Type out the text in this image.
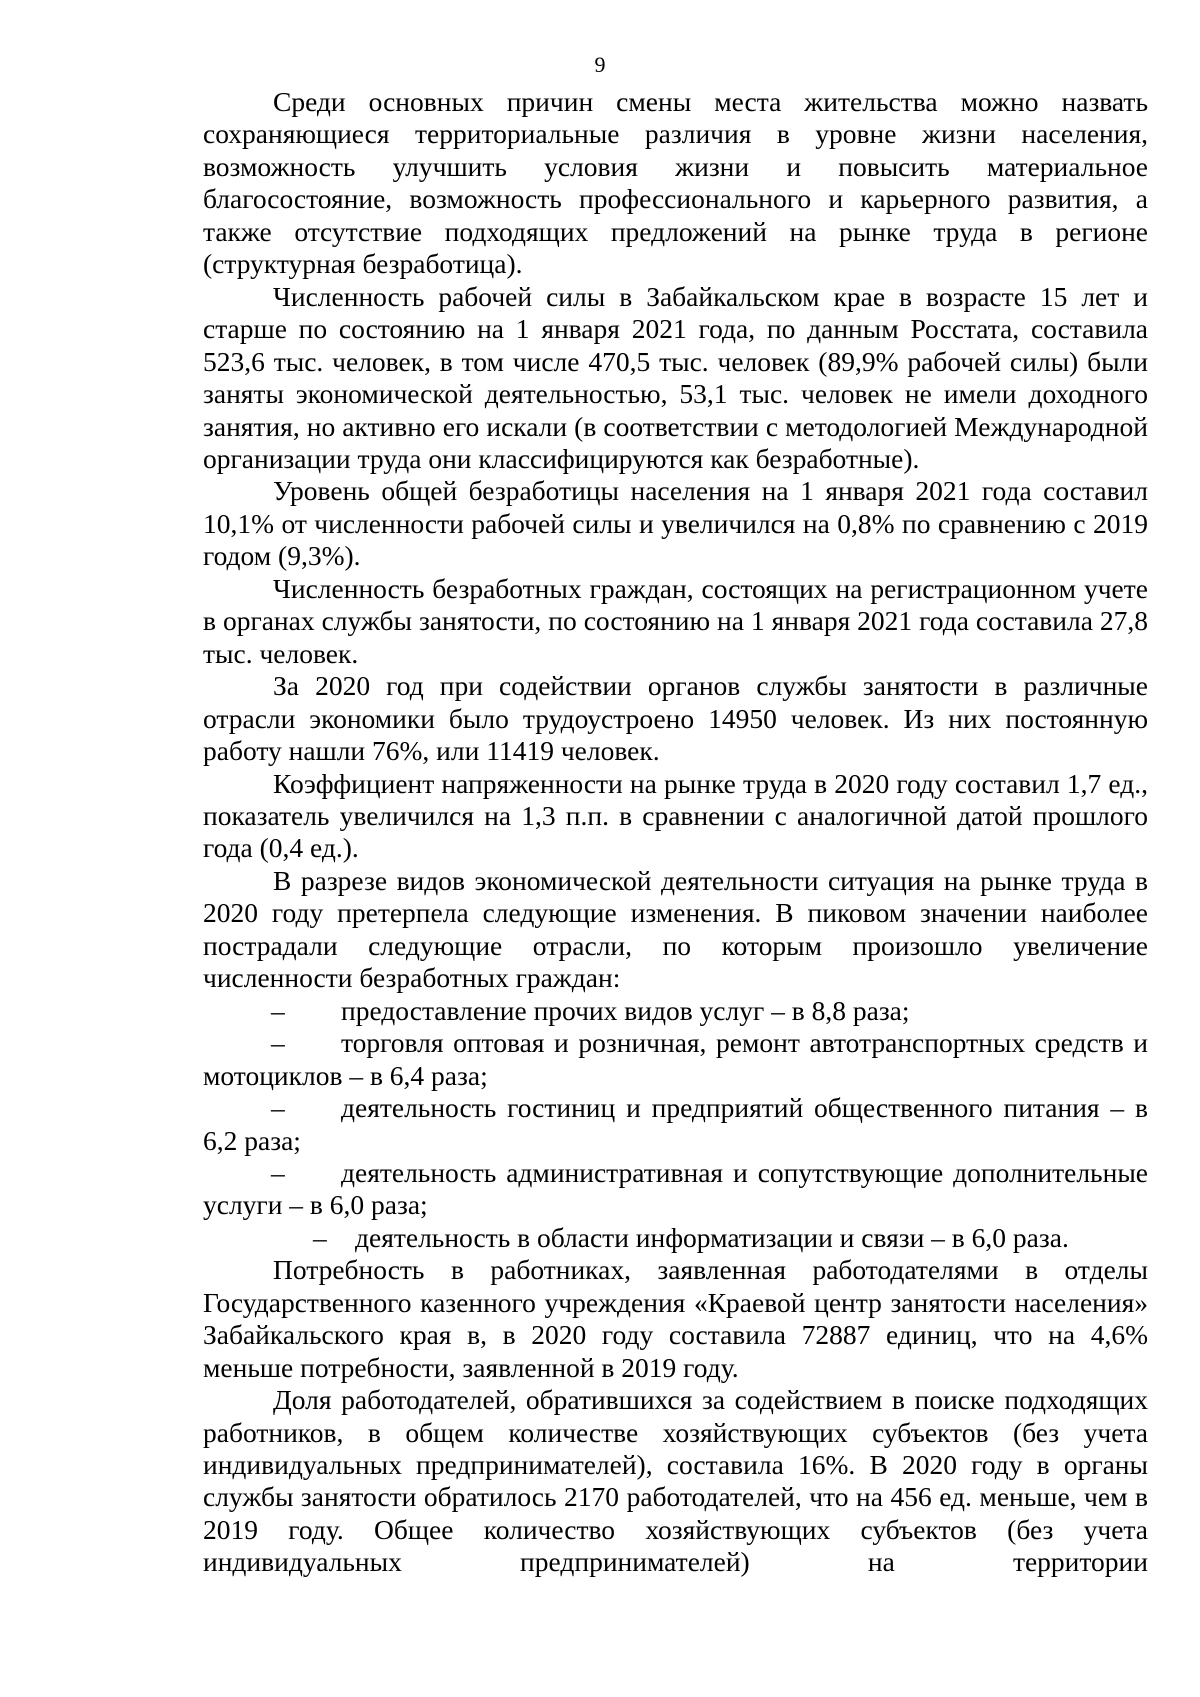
9

Среди основных причин смены места жительства можно назвать сохраняющиеся территориальные различия в уровне жизни населения, возможность улучшить условия жизни и повысить материальное благосостояние, возможность профессионального и карьерного развития, а также отсутствие подходящих предложений на рынке труда в регионе (структурная безработица).

Численность рабочей силы в Забайкальском крае в возрасте 15 лет и старше по состоянию на 1 января 2021 года, по данным Росстата, составила 523,6 тыс. человек, в том числе 470,5 тыс. человек (89,9% рабочей силы) были заняты экономической деятельностью, 53,1 тыс. человек не имели доходного занятия, но активно его искали (в соответствии с методологией Международной организации труда они классифицируются как безработные).

Уровень общей безработицы населения на 1 января 2021 года составил 10,1% от численности рабочей силы и увеличился на 0,8% по сравнению с 2019 годом (9,3%).

Численность безработных граждан, состоящих на регистрационном учете в органах службы занятости, по состоянию на 1 января 2021 года составила 27,8 тыс. человек.

За 2020 год при содействии органов службы занятости в различные отрасли экономики было трудоустроено 14950 человек. Из них постоянную работу нашли 76%, или 11419 человек.

Коэффициент напряженности на рынке труда в 2020 году составил 1,7 ед., показатель увеличился на 1,3 п.п. в сравнении с аналогичной датой прошлого года (0,4 ед.).

В разрезе видов экономической деятельности ситуация на рынке труда в 2020 году претерпела следующие изменения. В пиковом значении наиболее пострадали следующие отрасли, по которым произошло увеличение численности безработных граждан:

– предоставление прочих видов услуг – в 8,8 раза;

– торговля оптовая и розничная, ремонт автотранспортных средств и мотоциклов – в 6,4 раза;

– деятельность гостиниц и предприятий общественного питания – в 6,2 раза;

– деятельность административная и сопутствующие дополнительные услуги – в 6,0 раза;

– деятельность в области информатизации и связи – в 6,0 раза.

Потребность в работниках, заявленная работодателями в отделы Государственного казенного учреждения «Краевой центр занятости населения» Забайкальского края в, в 2020 году составила 72887 единиц, что на 4,6% меньше потребности, заявленной в 2019 году.

Доля работодателей, обратившихся за содействием в поиске подходящих работников, в общем количестве хозяйствующих субъектов (без учета индивидуальных предпринимателей), составила 16%. В 2020 году в органы службы занятости обратилось 2170 работодателей, что на 456 ед. меньше, чем в 2019 году. Общее количество хозяйствующих субъектов (без учета индивидуальных предпринимателей) на территории
